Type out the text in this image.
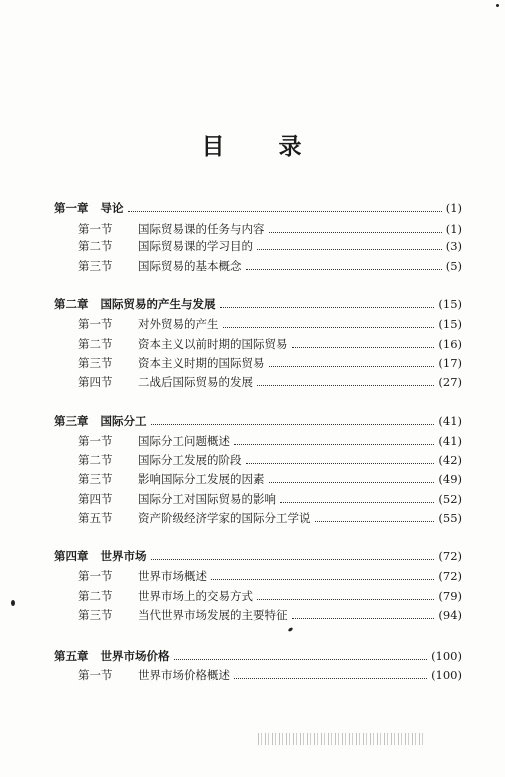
目 录
第一章 导论	(1)
第一节	国际贸易课的任务与内容	(1)
第二节	国际贸易课的学习目的	(3)
第三节	国际贸易的基本概念	(5)
第二章 国际贸易的产生与发展	(15)
第一节	对外贸易的产生	(15)
第二节	资本主义以前时期的国际贸易	(16)
第三节	资本主义时期的国际贸易	(17)
第四节	二战后国际贸易的发展	(27)
第三章 国际分工	(41)
第一节	国际分工问题概述	(41)
第二节	国际分工发展的阶段	(42)
第三节	影响国际分工发展的因素	(49)
第四节	国际分工对国际贸易的影响	(52)
第五节	资产阶级经济学家的国际分工学说	(55)
第四章 世界市场	(72)
第一节	世界市场概述	(72)
第二节	世界市场上的交易方式	(79)
第三节	当代世界市场发展的主要特征	(94)
第五章 世界市场价格	(100)
第一节	世界市场价格概述	(100)
